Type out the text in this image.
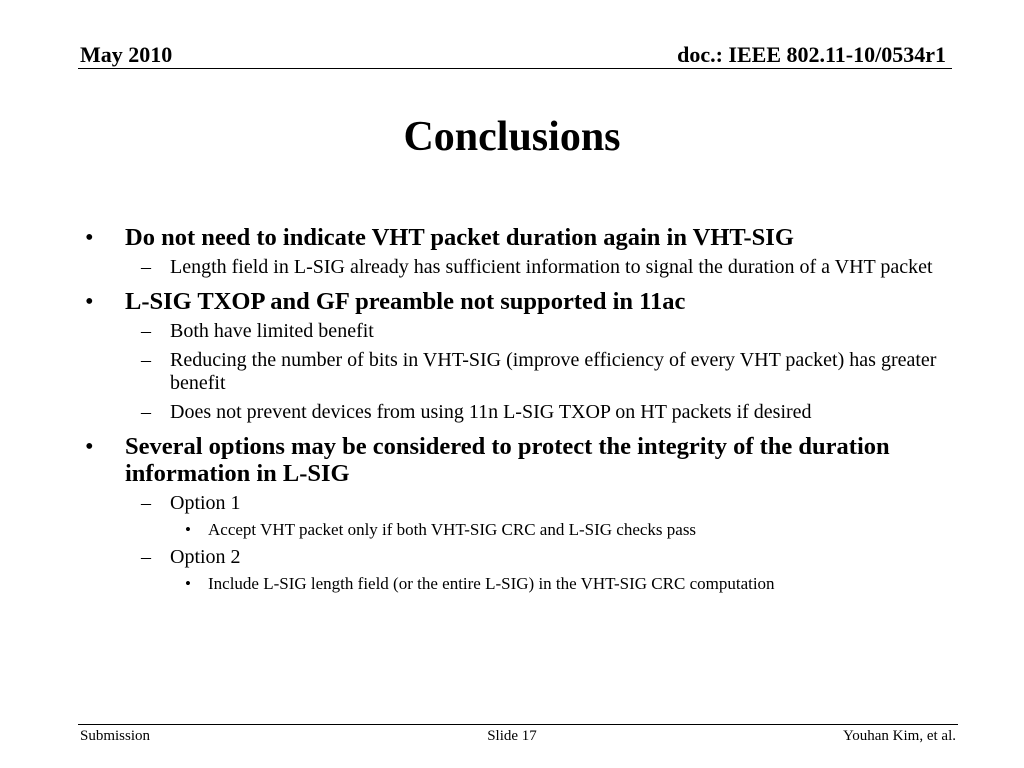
May 2010	doc.: IEEE 802.11-10/0534r1
Conclusions
• Do not need to indicate VHT packet duration again in VHT-SIG
– Length field in L-SIG already has sufficient information to signal the duration of a VHT packet
• L-SIG TXOP and GF preamble not supported in 11ac
– Both have limited benefit
– Reducing the number of bits in VHT-SIG (improve efficiency of every VHT packet) has greater benefit
– Does not prevent devices from using 11n L-SIG TXOP on HT packets if desired
• Several options may be considered to protect the integrity of the duration information in L-SIG
– Option 1
• Accept VHT packet only if both VHT-SIG CRC and L-SIG checks pass
– Option 2
• Include L-SIG length field (or the entire L-SIG) in the VHT-SIG CRC computation
Submission	Slide 17	Youhan Kim, et al.
